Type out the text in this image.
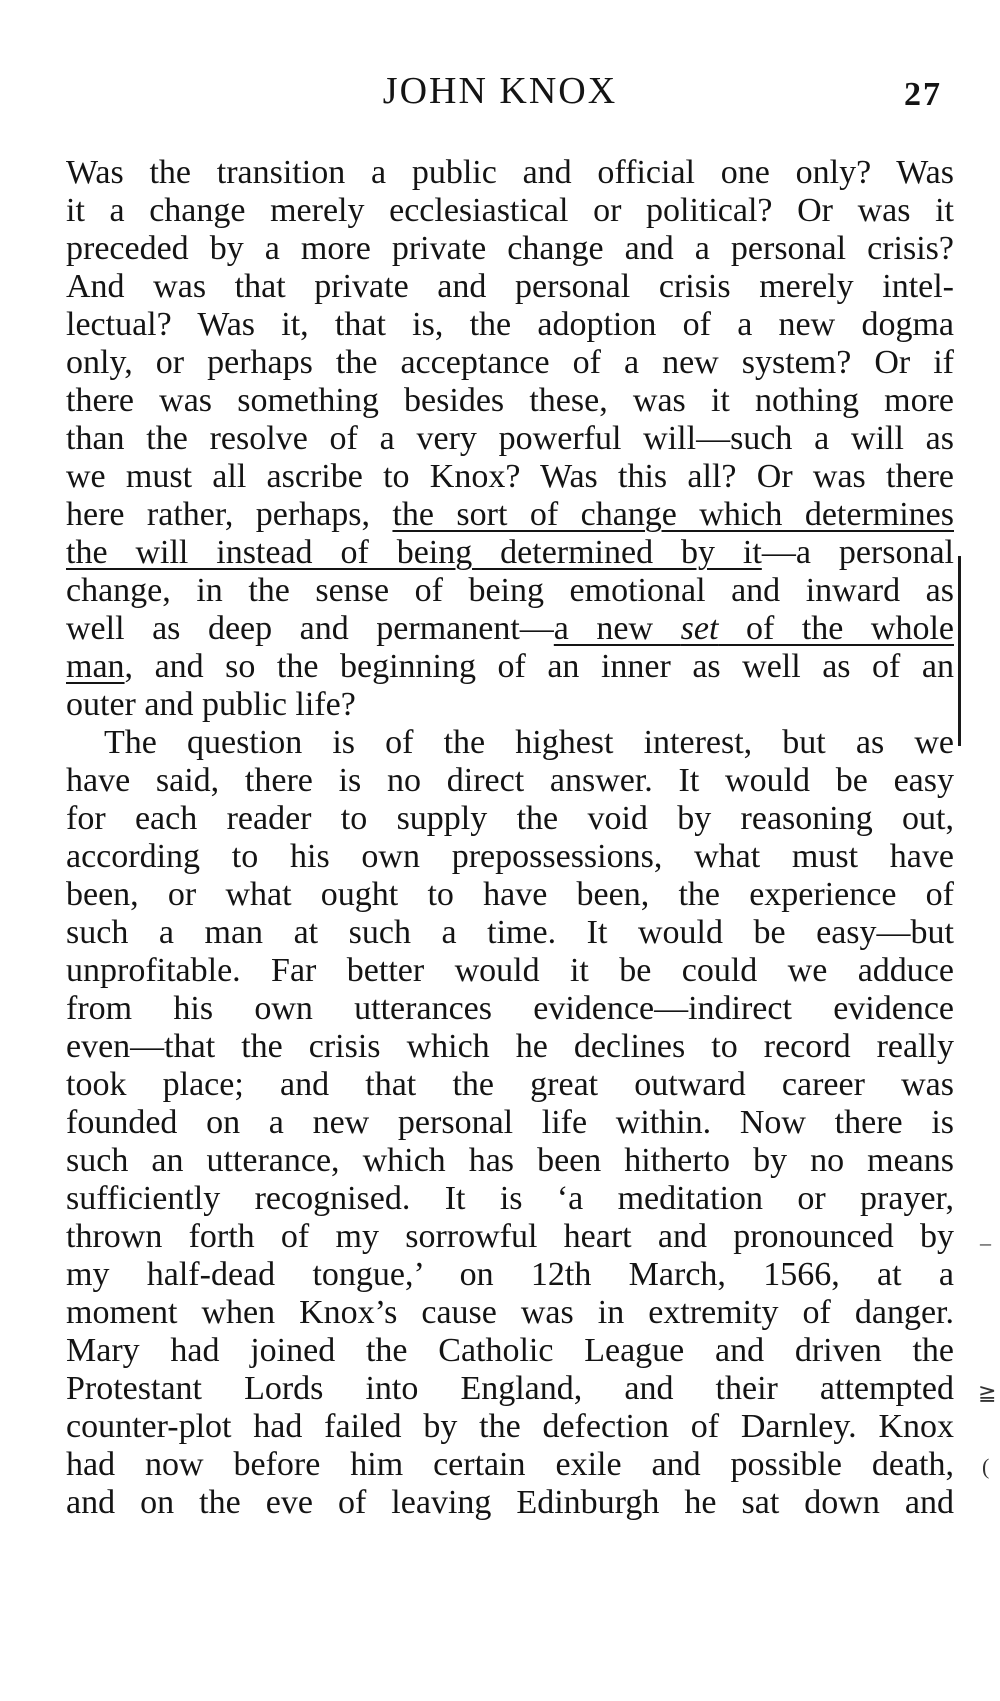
JOHN KNOX	27
Was the transition a public and official one only? Was
it a change merely ecclesiastical or political? Or was it
preceded by a more private change and a personal crisis?
And was that private and personal crisis merely intel-
lectual? Was it, that is, the adoption of a new dogma
only, or perhaps the acceptance of a new system? Or if
there was something besides these, was it nothing more
than the resolve of a very powerful will—such a will as
we must all ascribe to Knox? Was this all? Or was there
here rather, perhaps, the sort of change which determines
the will instead of being determined by it—a personal
change, in the sense of being emotional and inward as
well as deep and permanent—a new set of the whole
man, and so the beginning of an inner as well as of an
outer and public life?
The question is of the highest interest, but as we
have said, there is no direct answer. It would be easy
for each reader to supply the void by reasoning out,
according to his own prepossessions, what must have
been, or what ought to have been, the experience of
such a man at such a time. It would be easy—but
unprofitable. Far better would it be could we adduce
from his own utterances evidence—indirect evidence
even—that the crisis which he declines to record really
took place; and that the great outward career was
founded on a new personal life within. Now there is
such an utterance, which has been hitherto by no means
sufficiently recognised. It is ‘a meditation or prayer,
thrown forth of my sorrowful heart and pronounced by
my half-dead tongue,’ on 12th March, 1566, at a
moment when Knox’s cause was in extremity of danger.
Mary had joined the Catholic League and driven the
Protestant Lords into England, and their attempted
counter-plot had failed by the defection of Darnley. Knox
had now before him certain exile and possible death,
and on the eve of leaving Edinburgh he sat down and
–
≧
(
